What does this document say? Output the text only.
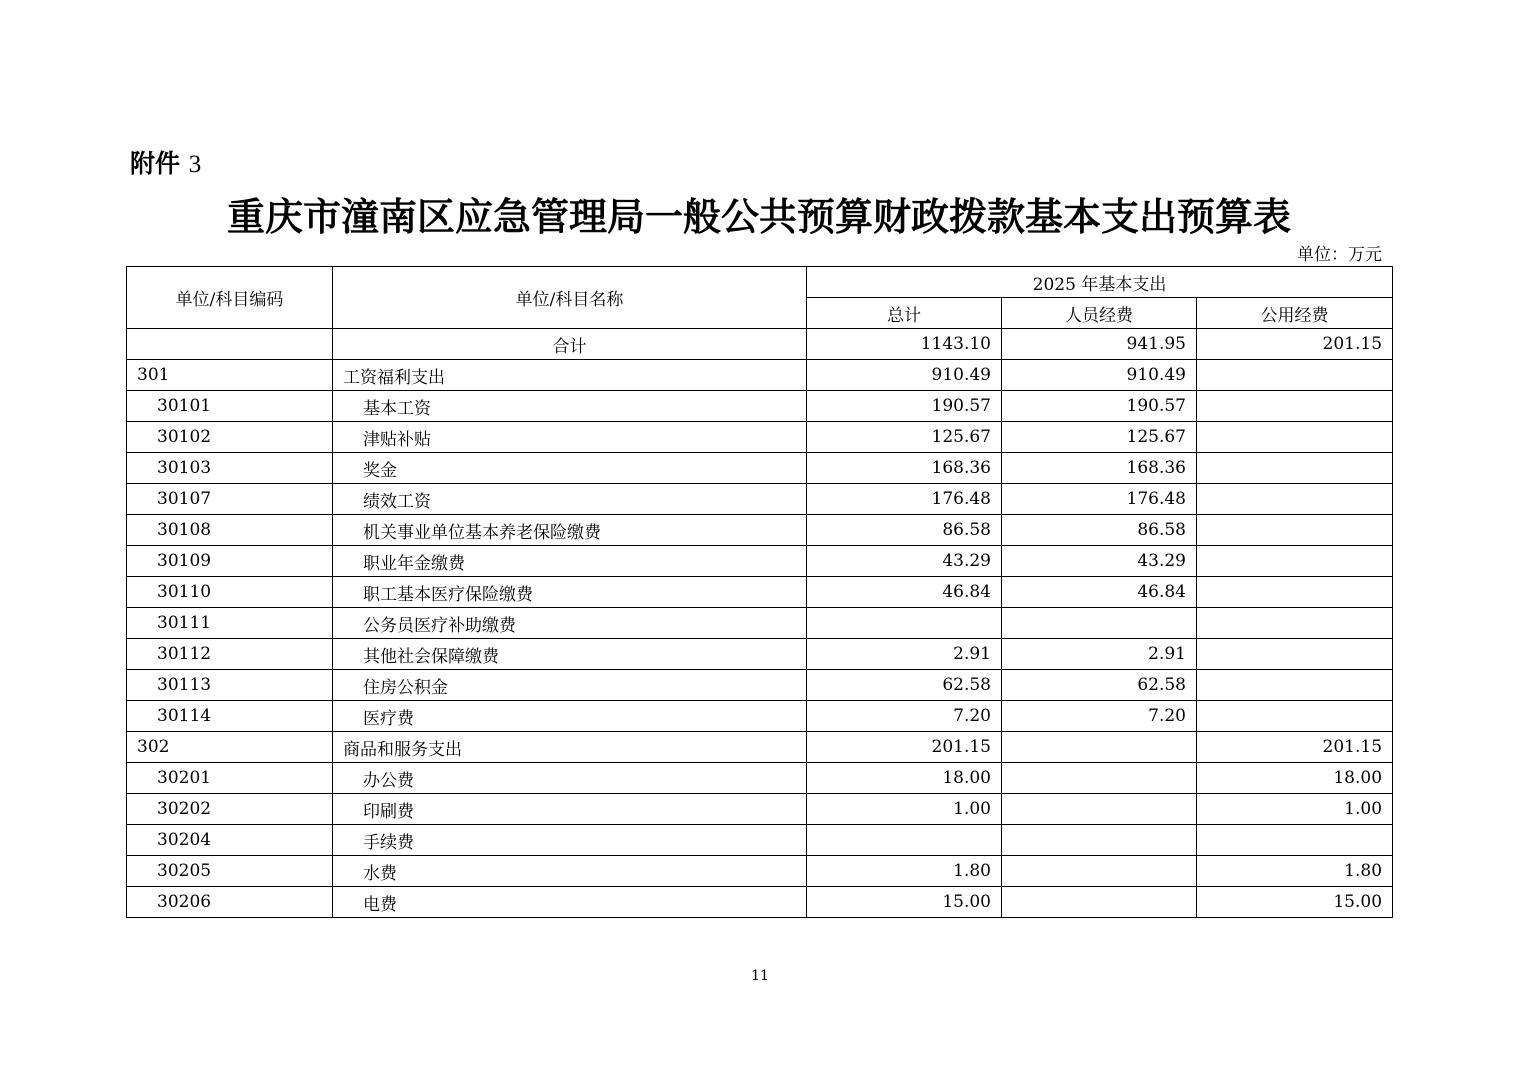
附件 3
重庆市潼南区应急管理局一般公共预算财政拨款基本支出预算表
单位：万元
单位/科目编码	单位/科目名称	2025 年基本支出		
		总计	人员经费	公用经费
	合计	1143.10	941.95	201.15
301	工资福利支出	910.49	910.49	
30101	基本工资	190.57	190.57	
30102	津贴补贴	125.67	125.67	
30103	奖金	168.36	168.36	
30107	绩效工资	176.48	176.48	
30108	机关事业单位基本养老保险缴费	86.58	86.58	
30109	职业年金缴费	43.29	43.29	
30110	职工基本医疗保险缴费	46.84	46.84	
30111	公务员医疗补助缴费			
30112	其他社会保障缴费	2.91	2.91	
30113	住房公积金	62.58	62.58	
30114	医疗费	7.20	7.20	
302	商品和服务支出	201.15		201.15
30201	办公费	18.00		18.00
30202	印刷费	1.00		1.00
30204	手续费			
30205	水费	1.80		1.80
30206	电费	15.00		15.00
11
